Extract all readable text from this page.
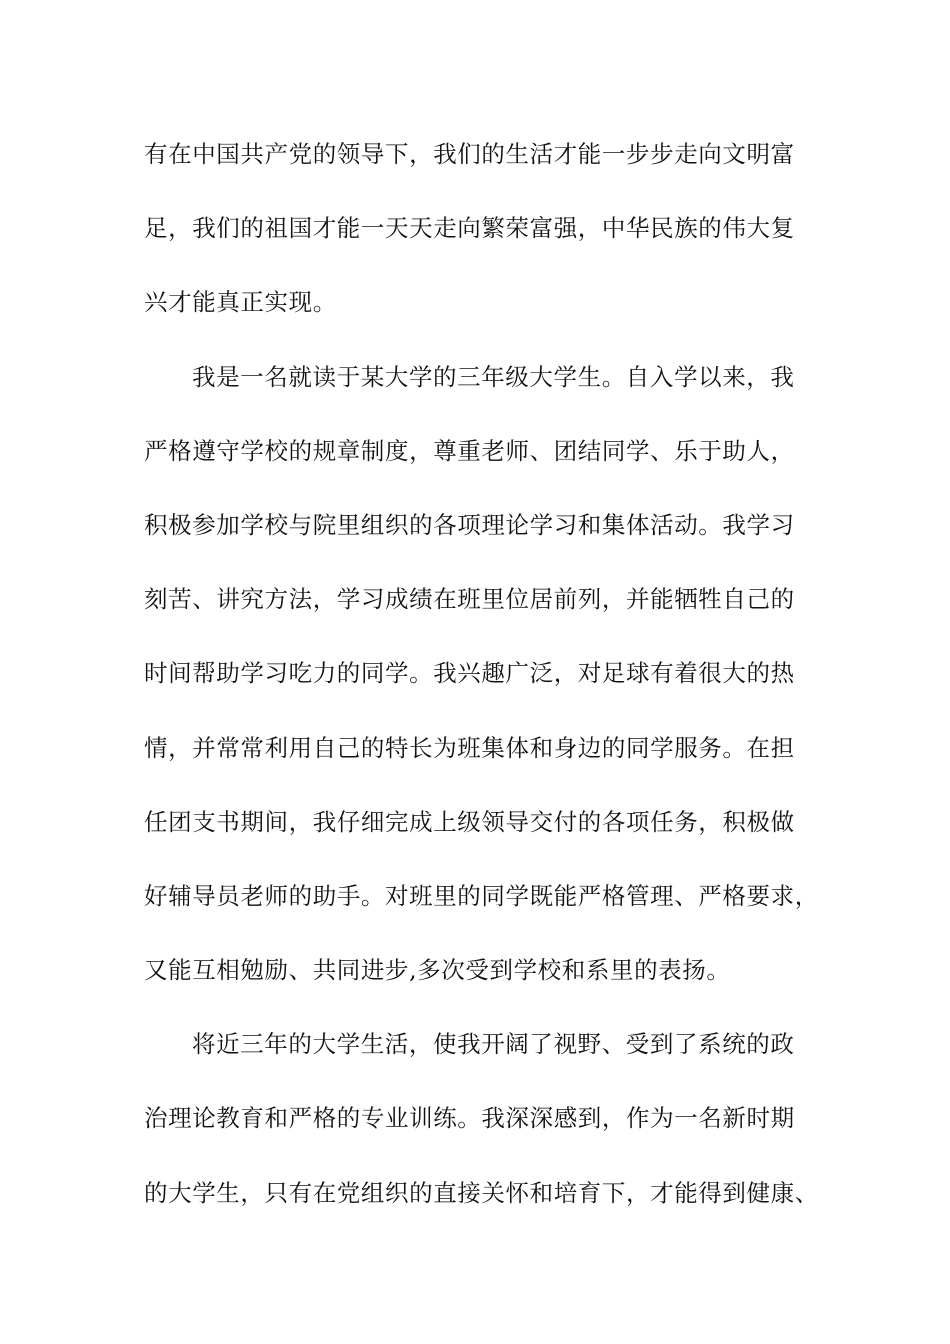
有在中国共产党的领导下，我们的生活才能一步步走向文明富
足，我们的祖国才能一天天走向繁荣富强，中华民族的伟大复
兴才能真正实现。
我是一名就读于某大学的三年级大学生。自入学以来，我
严格遵守学校的规章制度，尊重老师、团结同学、乐于助人，
积极参加学校与院里组织的各项理论学习和集体活动。我学习
刻苦、讲究方法，学习成绩在班里位居前列，并能牺牲自己的
时间帮助学习吃力的同学。我兴趣广泛，对足球有着很大的热
情，并常常利用自己的特长为班集体和身边的同学服务。在担
任团支书期间，我仔细完成上级领导交付的各项任务，积极做
好辅导员老师的助手。对班里的同学既能严格管理、严格要求，
又能互相勉励、共同进步,多次受到学校和系里的表扬。
将近三年的大学生活，使我开阔了视野、受到了系统的政
治理论教育和严格的专业训练。我深深感到，作为一名新时期
的大学生，只有在党组织的直接关怀和培育下，才能得到健康、
